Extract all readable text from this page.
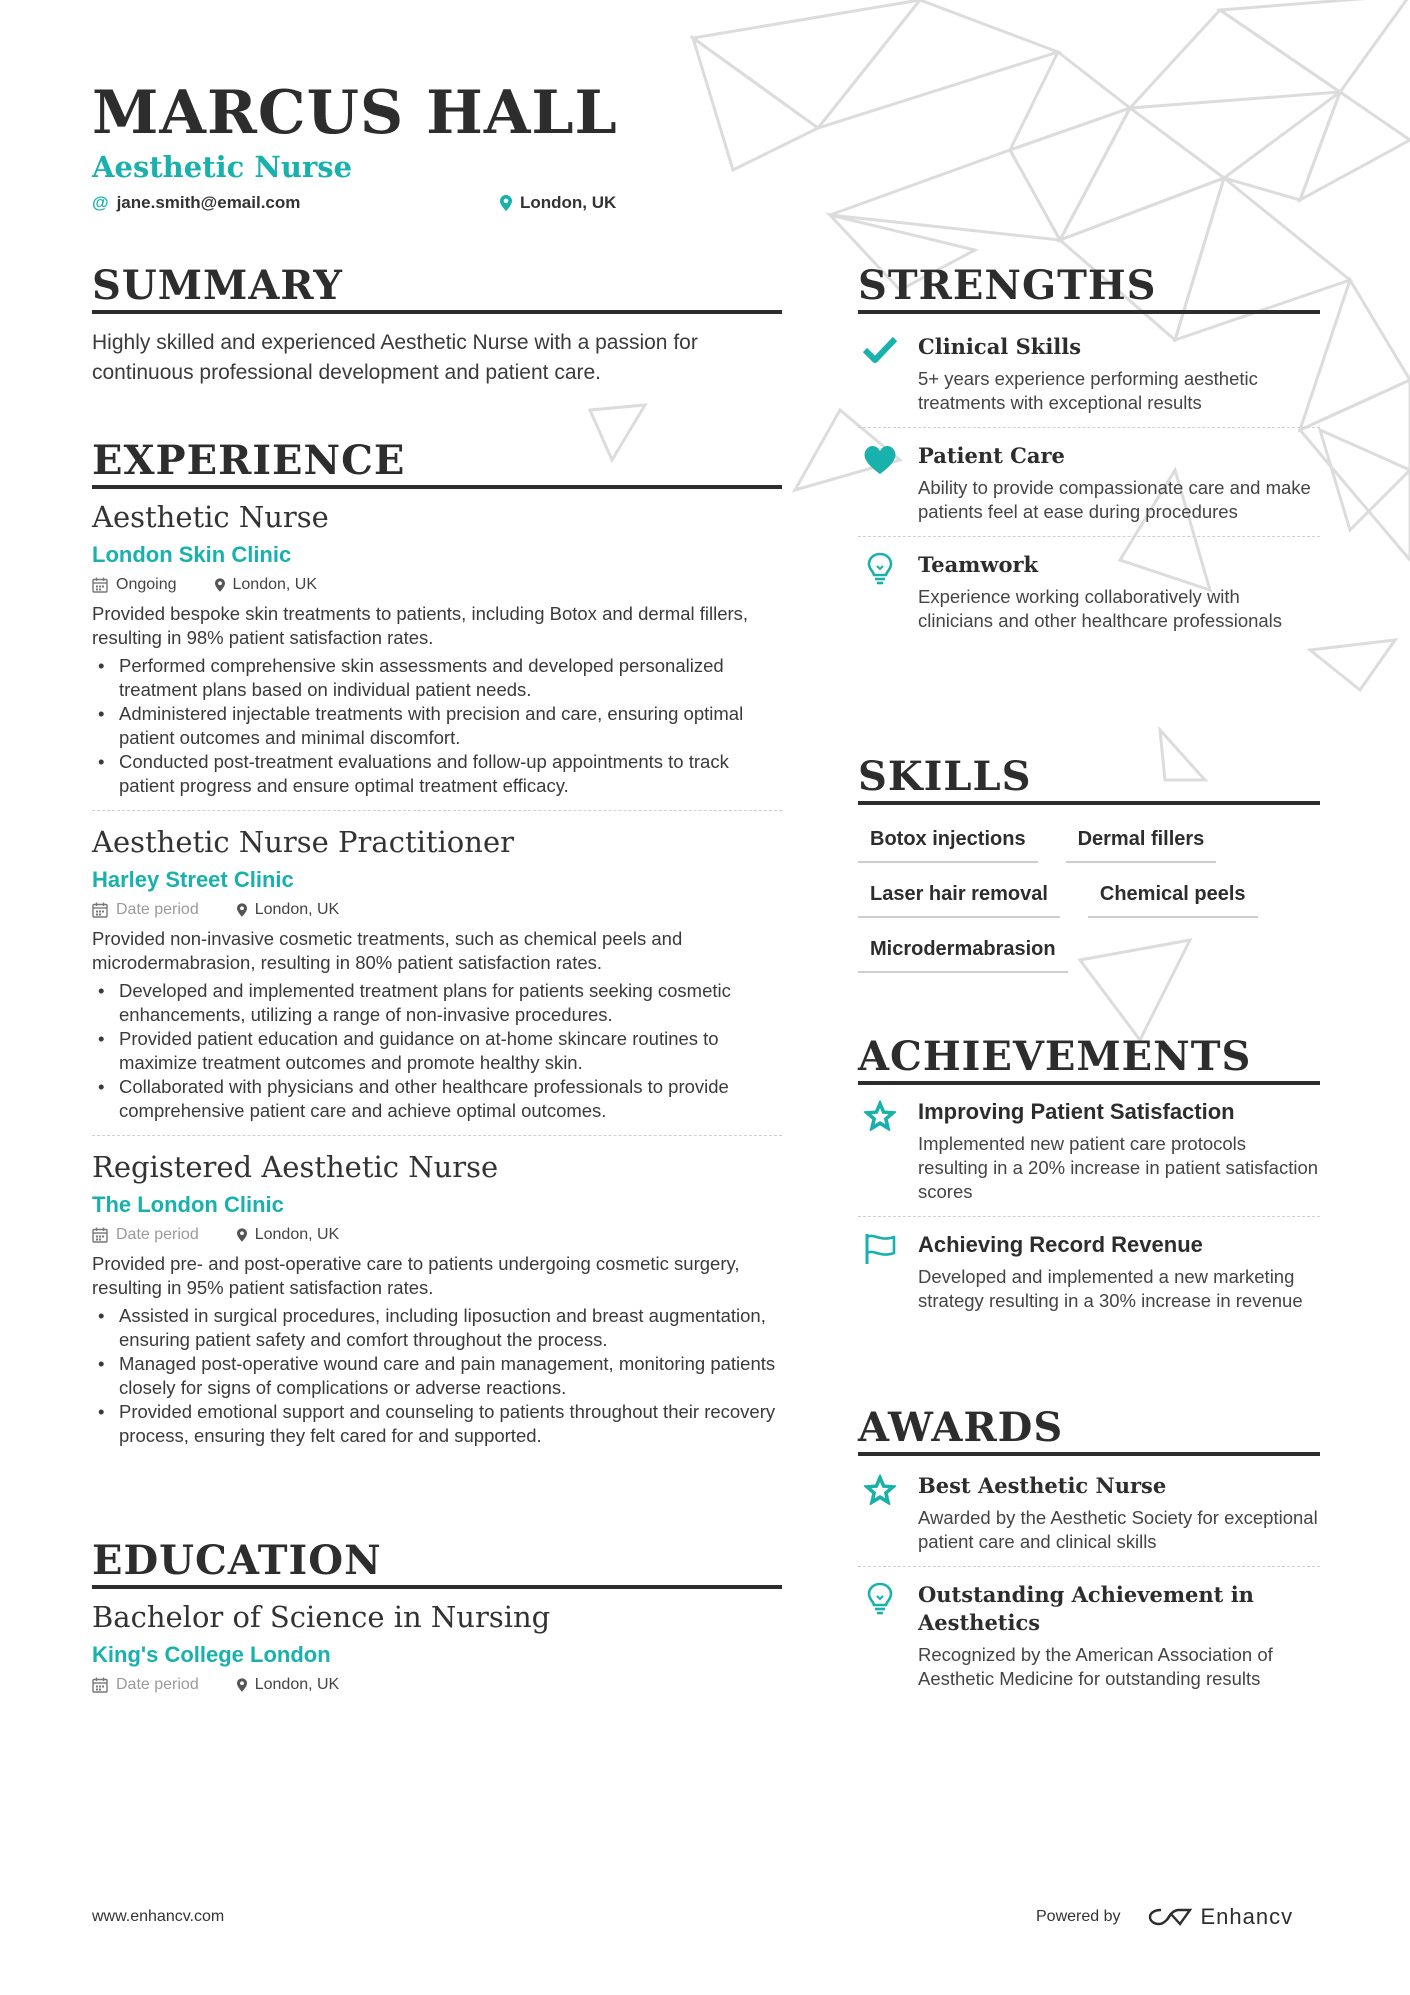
MARCUS HALL
Aesthetic Nurse
@ jane.smith@email.com	London, UK
SUMMARY

Highly skilled and experienced Aesthetic Nurse with a passion for continuous professional development and patient care.

EXPERIENCE
Aesthetic Nurse
London Skin Clinic
Ongoing	London, UK

Provided bespoke skin treatments to patients, including Botox and dermal fillers, resulting in 98% patient satisfaction rates.

• Performed comprehensive skin assessments and developed personalized treatment plans based on individual patient needs.
• Administered injectable treatments with precision and care, ensuring optimal patient outcomes and minimal discomfort.
• Conducted post-treatment evaluations and follow-up appointments to track patient progress and ensure optimal treatment efficacy.
Aesthetic Nurse Practitioner
Harley Street Clinic
Date period	London, UK

Provided non-invasive cosmetic treatments, such as chemical peels and microdermabrasion, resulting in 80% patient satisfaction rates.

• Developed and implemented treatment plans for patients seeking cosmetic enhancements, utilizing a range of non-invasive procedures.
• Provided patient education and guidance on at-home skincare routines to maximize treatment outcomes and promote healthy skin.
• Collaborated with physicians and other healthcare professionals to provide comprehensive patient care and achieve optimal outcomes.
Registered Aesthetic Nurse
The London Clinic
Date period	London, UK

Provided pre- and post-operative care to patients undergoing cosmetic surgery, resulting in 95% patient satisfaction rates.

• Assisted in surgical procedures, including liposuction and breast augmentation, ensuring patient safety and comfort throughout the process.
• Managed post-operative wound care and pain management, monitoring patients closely for signs of complications or adverse reactions.
• Provided emotional support and counseling to patients throughout their recovery process, ensuring they felt cared for and supported.
EDUCATION
Bachelor of Science in Nursing
King's College London
Date period	London, UK
STRENGTHS
Clinical Skills
5+ years experience performing aesthetic treatments with exceptional results
Patient Care
Ability to provide compassionate care and make patients feel at ease during procedures
Teamwork
Experience working collaboratively with clinicians and other healthcare professionals
SKILLS
Botox injections	Dermal fillers
Laser hair removal	Chemical peels
Microdermabrasion
ACHIEVEMENTS
Improving Patient Satisfaction
Implemented new patient care protocols resulting in a 20% increase in patient satisfaction scores
Achieving Record Revenue
Developed and implemented a new marketing strategy resulting in a 30% increase in revenue
AWARDS
Best Aesthetic Nurse
Awarded by the Aesthetic Society for exceptional patient care and clinical skills
Outstanding Achievement in Aesthetics
Recognized by the American Association of Aesthetic Medicine for outstanding results
www.enhancv.com	Powered by	Enhancv
